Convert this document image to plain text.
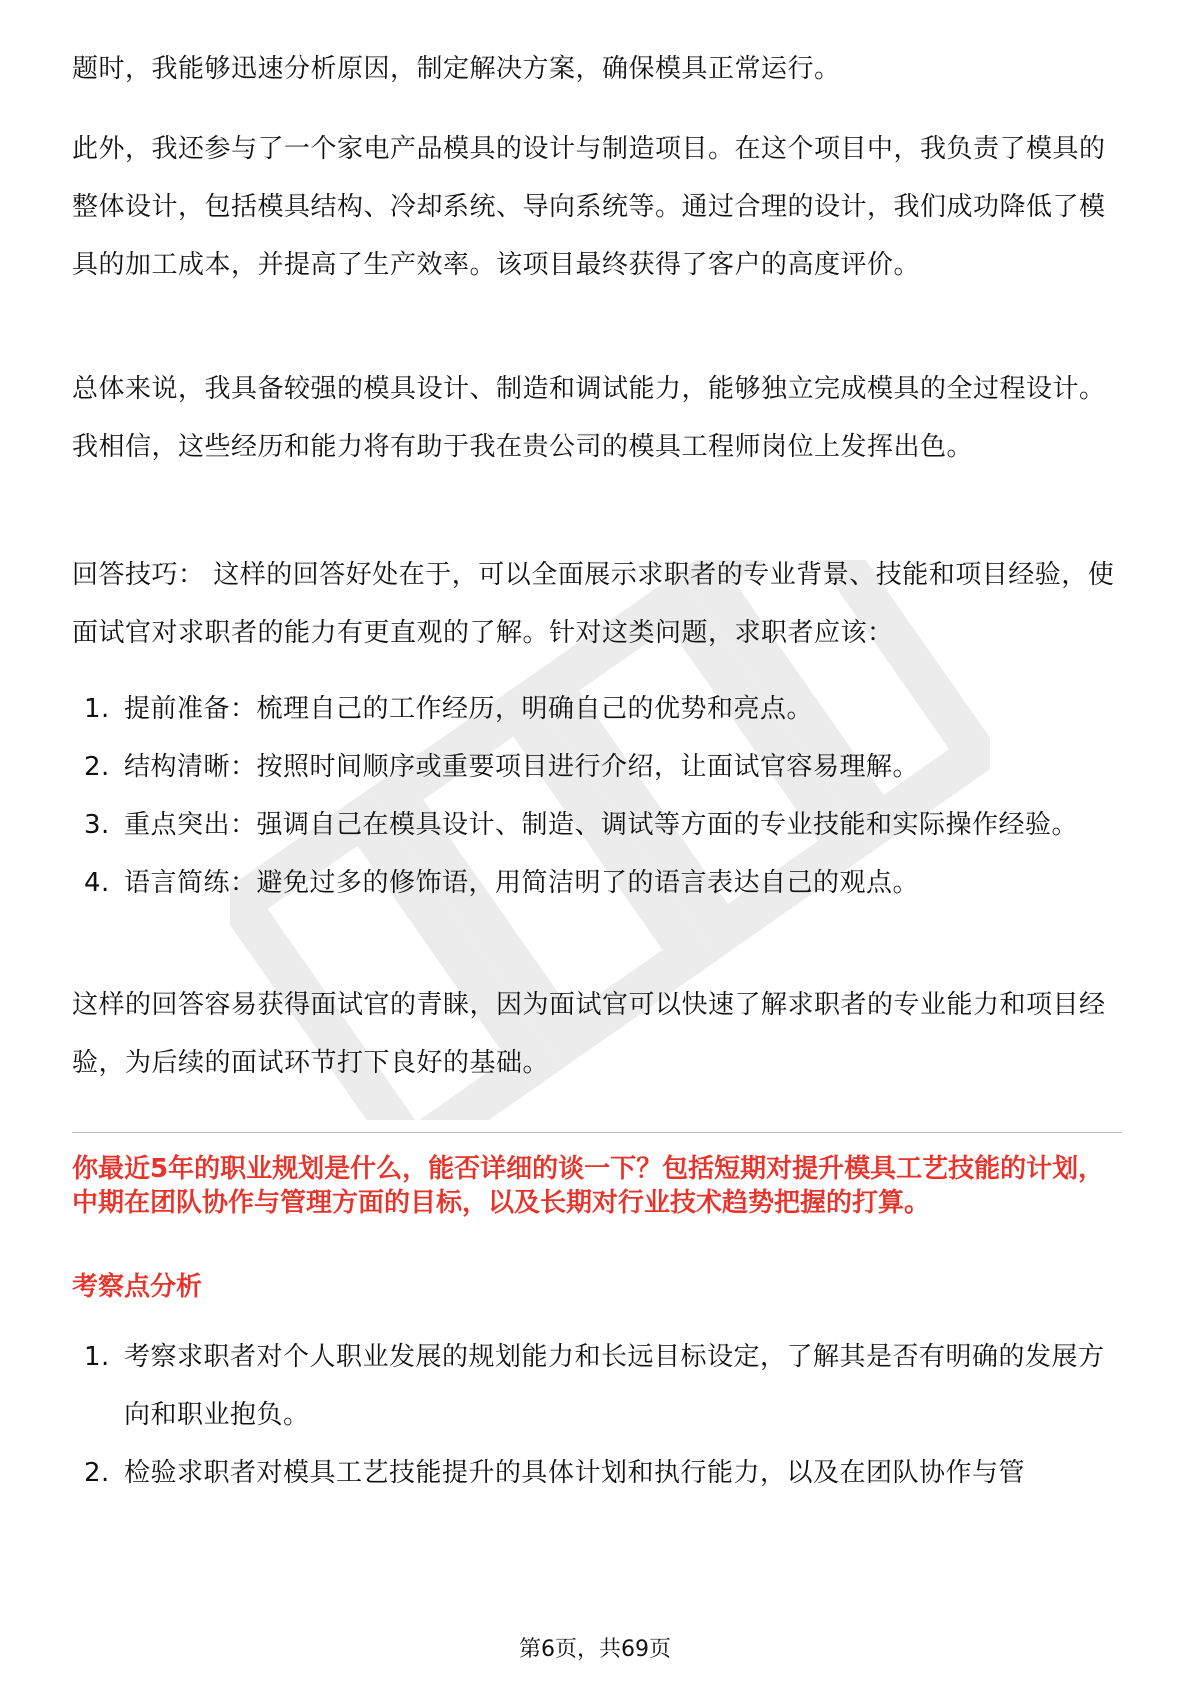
题时，我能够迅速分析原因，制定解决方案，确保模具正常运行。

此外，我还参与了一个家电产品模具的设计与制造项目。在这个项目中，我负责了模具的整体设计，包括模具结构、冷却系统、导向系统等。通过合理的设计，我们成功降低了模具的加工成本，并提高了生产效率。该项目最终获得了客户的高度评价。

总体来说，我具备较强的模具设计、制造和调试能力，能够独立完成模具的全过程设计。我相信，这些经历和能力将有助于我在贵公司的模具工程师岗位上发挥出色。

回答技巧： 这样的回答好处在于，可以全面展示求职者的专业背景、技能和项目经验，使面试官对求职者的能力有更直观的了解。针对这类问题，求职者应该：

1. 提前准备：梳理自己的工作经历，明确自己的优势和亮点。
2. 结构清晰：按照时间顺序或重要项目进行介绍，让面试官容易理解。
3. 重点突出：强调自己在模具设计、制造、调试等方面的专业技能和实际操作经验。
4. 语言简练：避免过多的修饰语，用简洁明了的语言表达自己的观点。

这样的回答容易获得面试官的青睐，因为面试官可以快速了解求职者的专业能力和项目经验，为后续的面试环节打下良好的基础。

你最近5年的职业规划是什么，能否详细的谈一下？包括短期对提升模具工艺技能的计划，中期在团队协作与管理方面的目标，以及长期对行业技术趋势把握的打算。

考察点分析

1. 考察求职者对个人职业发展的规划能力和长远目标设定，了解其是否有明确的发展方向和职业抱负。
2. 检验求职者对模具工艺技能提升的具体计划和执行能力，以及在团队协作与管
第6页，共69页
